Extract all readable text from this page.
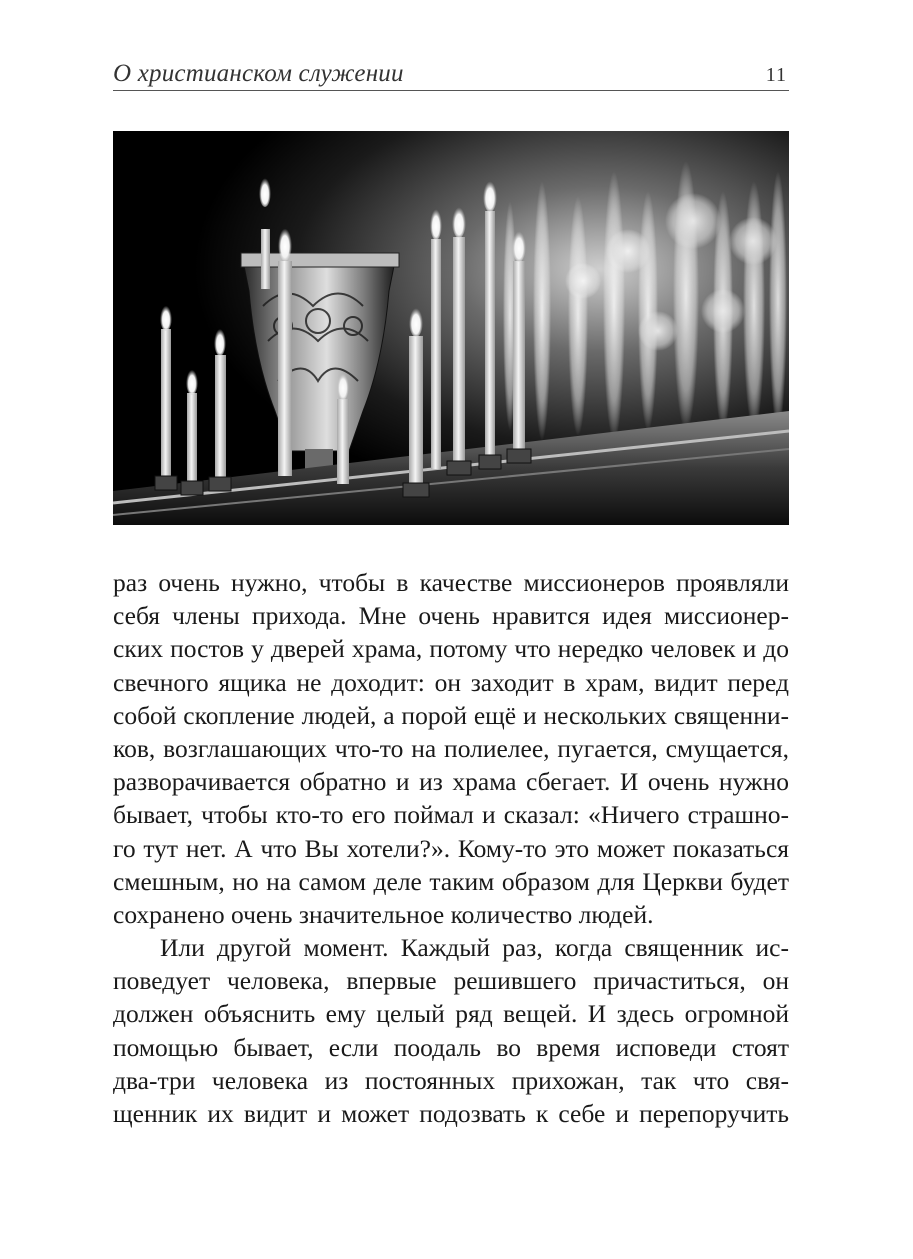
О христианском служении	11
раз очень нужно, чтобы в качестве миссионеров проявляли
себя члены прихода. Мне очень нравится идея миссионер-
ских постов у дверей храма, потому что нередко человек и до
свечного ящика не доходит: он заходит в храм, видит перед
собой скопление людей, а порой ещё и нескольких священни-
ков, возглашающих что-то на полиелее, пугается, смущается,
разворачивается обратно и из храма сбегает. И очень нужно
бывает, чтобы кто-то его поймал и сказал: «Ничего страшно-
го тут нет. А что Вы хотели?». Кому-то это может показаться
смешным, но на самом деле таким образом для Церкви будет
сохранено очень значительное количество людей.
Или другой момент. Каждый раз, когда священник ис-
поведует человека, впервые решившего причаститься, он
должен объяснить ему целый ряд вещей. И здесь огромной
помощью бывает, если поодаль во время исповеди стоят
два-три человека из постоянных прихожан, так что свя-
щенник их видит и может подозвать к себе и перепоручить
